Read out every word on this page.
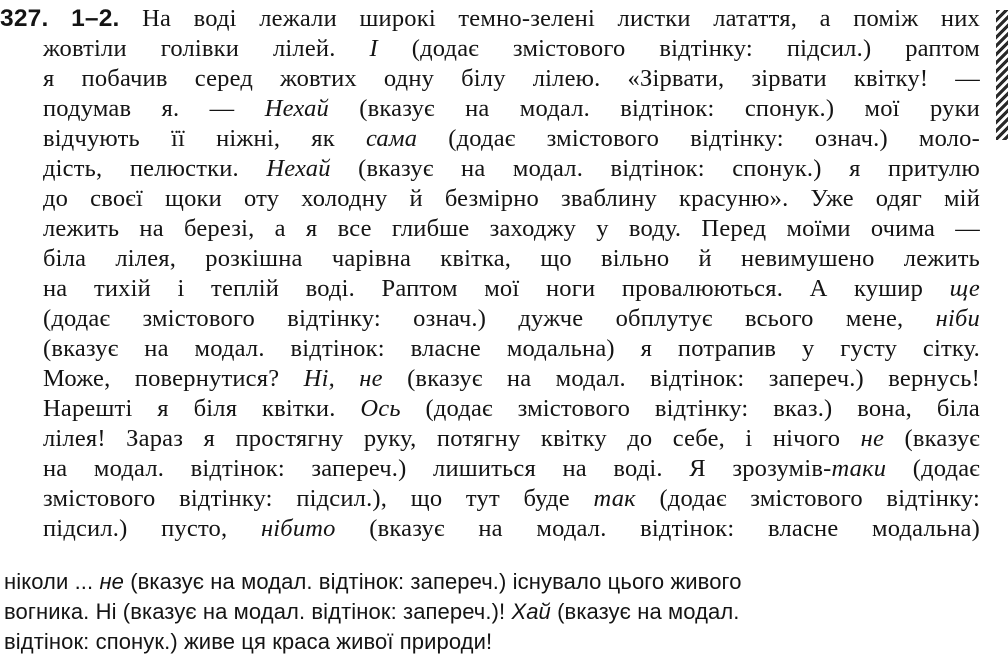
327. 1–2. На воді лежали широкі темно-зелені листки латаття, а поміж них
жовтіли голівки лілей. І (додає змістового відтінку: підсил.) раптом
я побачив серед жовтих одну білу лілею. «Зірвати, зірвати квітку! —
подумав я. — Нехай (вказує на модал. відтінок: спонук.) мої руки
відчують її ніжні, як сама (додає змістового відтінку: означ.) моло-
дість, пелюстки. Нехай (вказує на модал. відтінок: спонук.) я притулю
до своєї щоки оту холодну й безмірно зваблину красуню». Уже одяг мій
лежить на березі, а я все глибше заходжу у воду. Перед моїми очима —
біла лілея, розкішна чарівна квітка, що вільно й невимушено лежить
на тихій і теплій воді. Раптом мої ноги провалюються. А кушир ще
(додає змістового відтінку: означ.) дужче обплутує всього мене, ніби
(вказує на модал. відтінок: власне модальна) я потрапив у густу сітку.
Може, повернутися? Ні, не (вказує на модал. відтінок: запереч.) вернусь!
Нарешті я біля квітки. Ось (додає змістового відтінку: вказ.) вона, біла
лілея! Зараз я простягну руку, потягну квітку до себе, і нічого не (вказує
на модал. відтінок: запереч.) лишиться на воді. Я зрозумів-таки (додає
змістового відтінку: підсил.), що тут буде так (додає змістового відтінку:
підсил.) пусто, нібито (вказує на модал. відтінок: власне модальна)
ніколи ... не (вказує на модал. відтінок: запереч.) існувало цього живого
вогника. Ні (вказує на модал. відтінок: запереч.)! Хай (вказує на модал.
відтінок: спонук.) живе ця краса живої природи!
